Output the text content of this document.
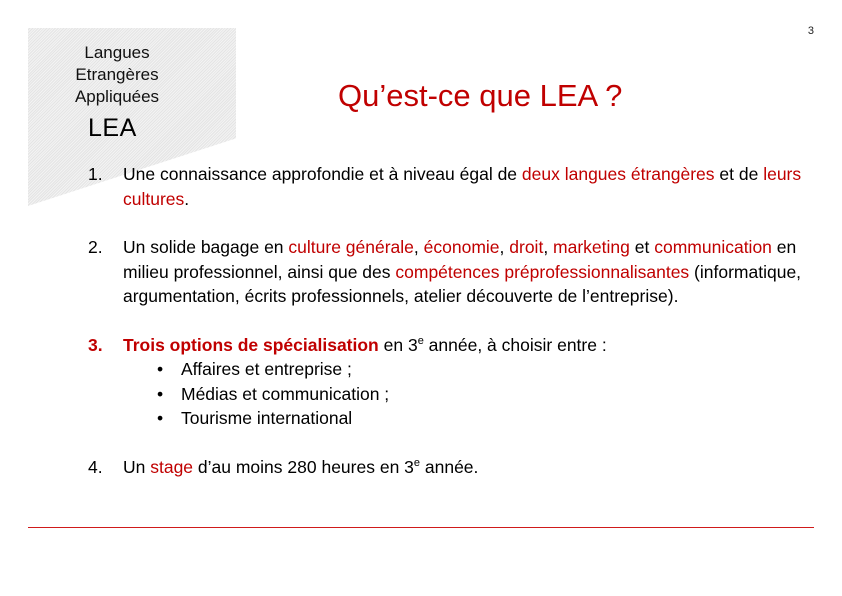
3
Langues
Etrangères
Appliquées
LEA
Qu’est-ce que LEA ?
1.	Une connaissance approfondie et à niveau égal de deux langues étrangères et de leurs cultures.
2.	Un solide bagage en culture générale, économie, droit, marketing et communication en milieu professionnel, ainsi que des compétences préprofessionnalisantes (informatique, argumentation, écrits professionnels, atelier découverte de l’entreprise).
3.	Trois options de spécialisation en 3e année, à choisir entre :
•	Affaires et entreprise ;
•	Médias et communication ;
•	Tourisme international
4.	Un stage d’au moins 280 heures en 3e année.
